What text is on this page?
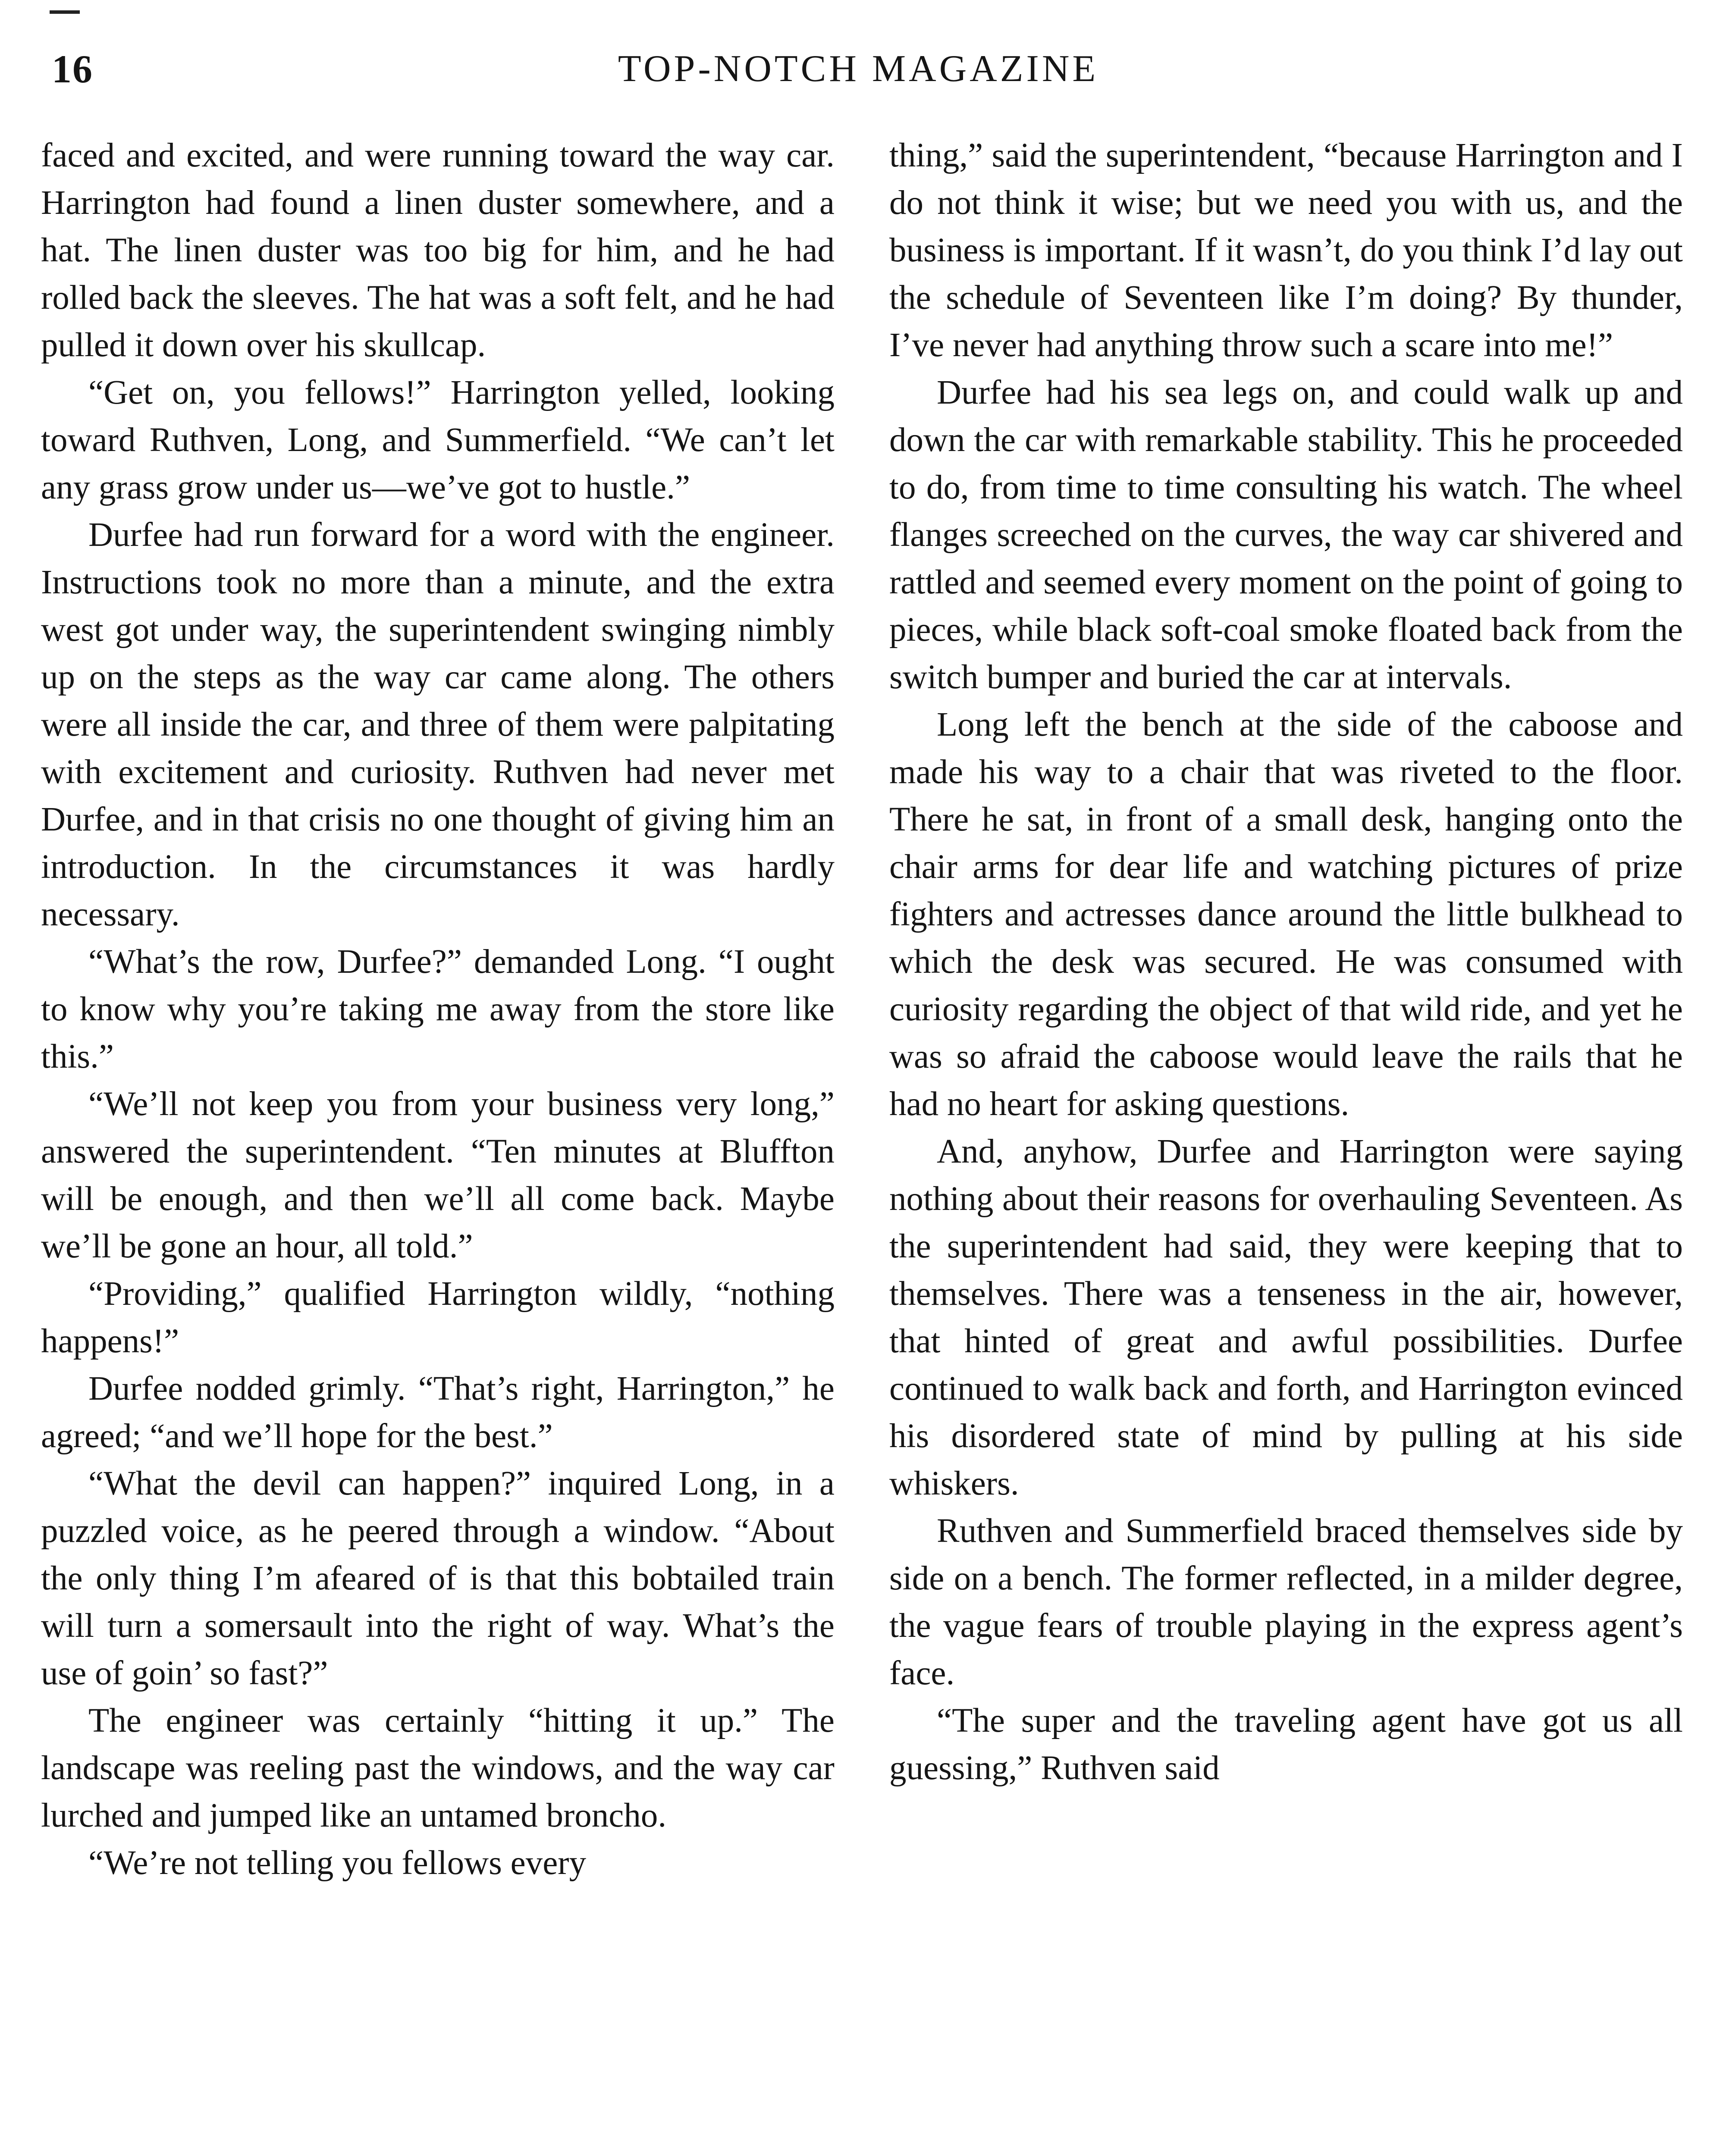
16	TOP-NOTCH MAGAZINE

faced and excited, and were running toward the way car. Harrington had found a linen duster somewhere, and a hat. The linen duster was too big for him, and he had rolled back the sleeves. The hat was a soft felt, and he had pulled it down over his skullcap.

“Get on, you fellows!” Harrington yelled, looking toward Ruthven, Long, and Summerfield. “We can’t let any grass grow under us—we’ve got to hustle.”

Durfee had run forward for a word with the engineer. Instructions took no more than a minute, and the extra west got under way, the superintendent swinging nimbly up on the steps as the way car came along. The others were all inside the car, and three of them were palpitating with excitement and curiosity. Ruthven had never met Durfee, and in that crisis no one thought of giving him an introduction. In the circumstances it was hardly necessary.

“What’s the row, Durfee?” demanded Long. “I ought to know why you’re taking me away from the store like this.”

“We’ll not keep you from your business very long,” answered the superintendent. “Ten minutes at Bluffton will be enough, and then we’ll all come back. Maybe we’ll be gone an hour, all told.”

“Providing,” qualified Harrington wildly, “nothing happens!”

Durfee nodded grimly. “That’s right, Harrington,” he agreed; “and we’ll hope for the best.”

“What the devil can happen?” inquired Long, in a puzzled voice, as he peered through a window. “About the only thing I’m afeared of is that this bobtailed train will turn a somersault into the right of way. What’s the use of goin’ so fast?”

The engineer was certainly “hitting it up.” The landscape was reeling past the windows, and the way car lurched and jumped like an untamed broncho.

“We’re not telling you fellows every

thing,” said the superintendent, “because Harrington and I do not think it wise; but we need you with us, and the business is important. If it wasn’t, do you think I’d lay out the schedule of Seventeen like I’m doing? By thunder, I’ve never had anything throw such a scare into me!”

Durfee had his sea legs on, and could walk up and down the car with remarkable stability. This he proceeded to do, from time to time consulting his watch. The wheel flanges screeched on the curves, the way car shivered and rattled and seemed every moment on the point of going to pieces, while black soft-coal smoke floated back from the switch bumper and buried the car at intervals.

Long left the bench at the side of the caboose and made his way to a chair that was riveted to the floor. There he sat, in front of a small desk, hanging onto the chair arms for dear life and watching pictures of prize fighters and actresses dance around the little bulkhead to which the desk was secured. He was consumed with curiosity regarding the object of that wild ride, and yet he was so afraid the caboose would leave the rails that he had no heart for asking questions.

And, anyhow, Durfee and Harrington were saying nothing about their reasons for overhauling Seventeen. As the superintendent had said, they were keeping that to themselves. There was a tenseness in the air, however, that hinted of great and awful possibilities. Durfee continued to walk back and forth, and Harrington evinced his disordered state of mind by pulling at his side whiskers.

Ruthven and Summerfield braced themselves side by side on a bench. The former reflected, in a milder degree, the vague fears of trouble playing in the express agent’s face.

“The super and the traveling agent have got us all guessing,” Ruthven said
